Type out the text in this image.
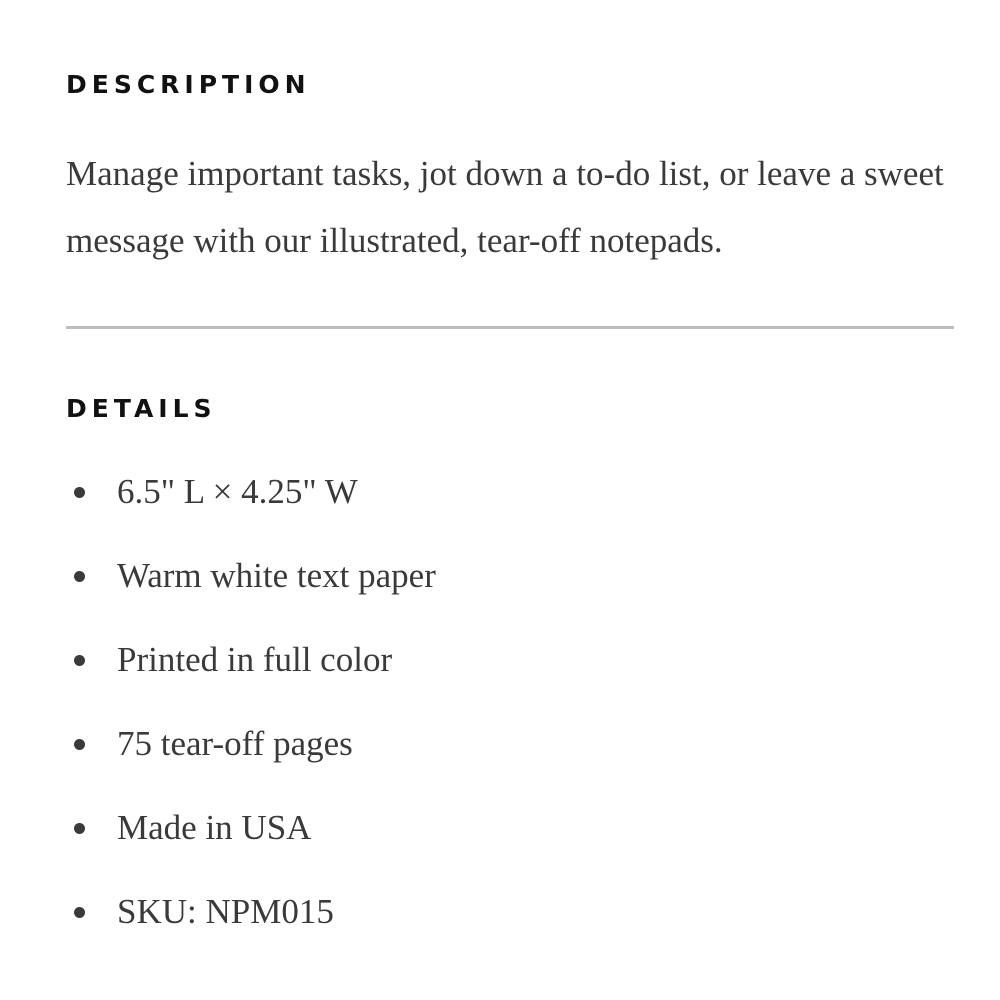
DESCRIPTION

Manage important tasks, jot down a to-do list, or leave a sweet message with our illustrated, tear-off notepads.

DETAILS
6.5" L × 4.25" W
Warm white text paper
Printed in full color
75 tear-off pages
Made in USA
SKU: NPM015
